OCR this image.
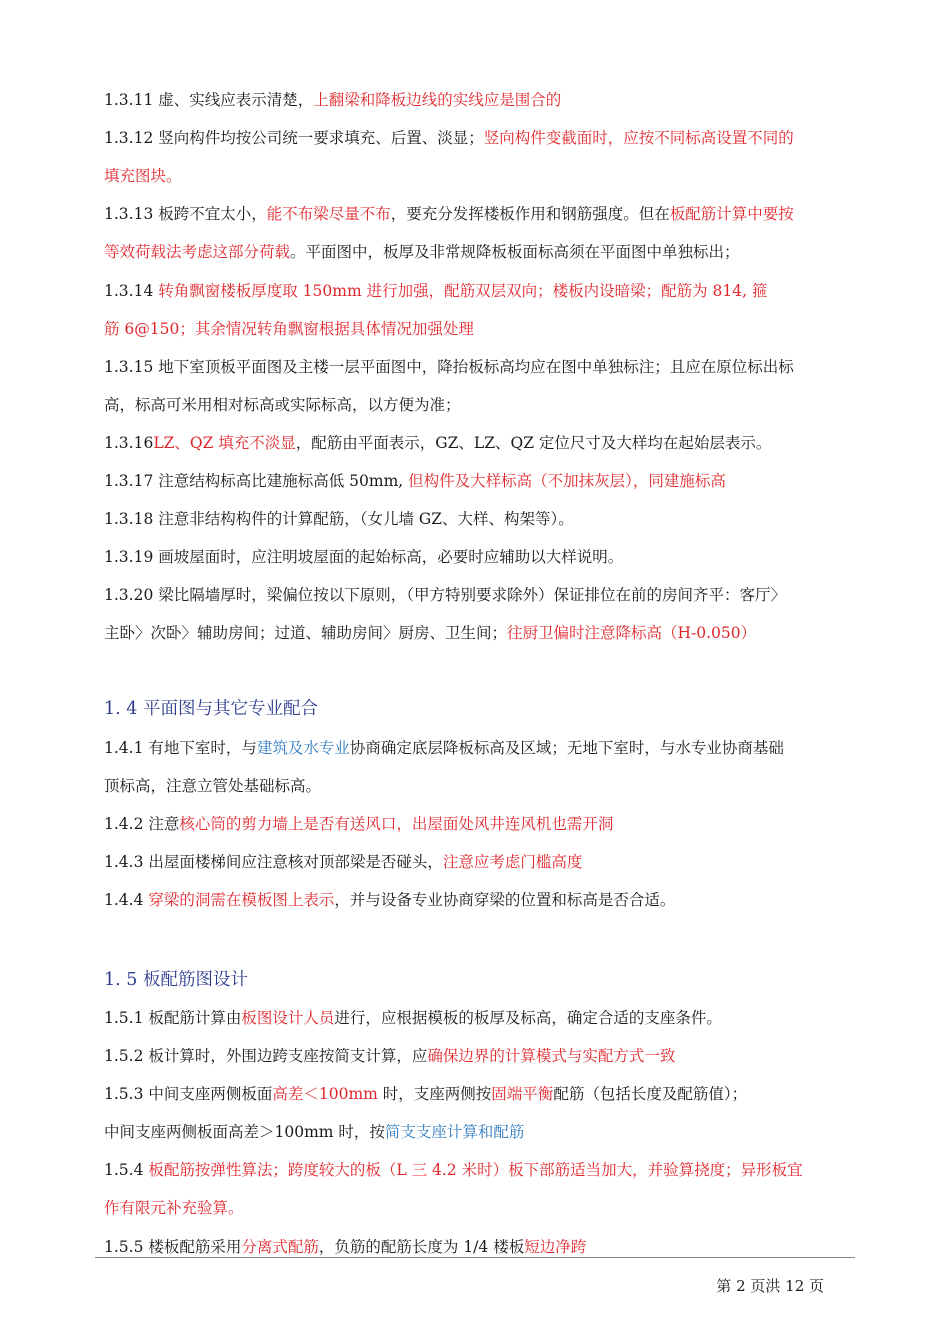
1.3.11 虚、实线应表示清楚，上翻梁和降板边线的实线应是围合的
1.3.12 竖向构件均按公司统一要求填充、后置、淡显；竖向构件变截面时，应按不同标高设置不同的
填充图块。
1.3.13 板跨不宜太小，能不布梁尽量不布，要充分发挥楼板作用和钢筋强度。但在板配筋计算中要按
等效荷载法考虑这部分荷载。平面图中，板厚及非常规降板板面标高须在平面图中单独标出；
1.3.14 转角飘窗楼板厚度取 150mm 进行加强，配筋双层双向；楼板内设暗梁；配筋为 814, 箍
筋 6@150；其余情况转角飘窗根据具体情况加强处理
1.3.15 地下室顶板平面图及主楼一层平面图中，降抬板标高均应在图中单独标注；且应在原位标出标
高，标高可米用相对标高或实际标高，以方便为准；
1.3.16LZ、QZ 填充不淡显，配筋由平面表示，GZ、LZ、QZ 定位尺寸及大样均在起始层表示。
1.3.17 注意结构标高比建施标高低 50mm, 但构件及大样标高（不加抹灰层），同建施标高
1.3.18 注意非结构构件的计算配筋，（女儿墙 GZ、大样、构架等）。
1.3.19 画坡屋面时，应注明坡屋面的起始标高，必要时应辅助以大样说明。
1.3.20 梁比隔墙厚时，梁偏位按以下原则，（甲方特别要求除外）保证排位在前的房间齐平：客厅〉
主卧〉次卧〉辅助房间；过道、辅助房间〉厨房、卫生间；往厨卫偏时注意降标高（H-0.050）
1.4.1 有地下室时，与建筑及水专业协商确定底层降板标高及区域；无地下室时，与水专业协商基础
顶标高，注意立管处基础标高。
1.4.2 注意核心筒的剪力墙上是否有送风口，出屋面处风井连风机也需开洞
1.4.3 出屋面楼梯间应注意核对顶部梁是否碰头，注意应考虑门槛高度
1.4.4 穿梁的洞需在模板图上表示，并与设备专业协商穿梁的位置和标高是否合适。
1.5.1 板配筋计算由板图设计人员进行，应根据模板的板厚及标高，确定合适的支座条件。
1.5.2 板计算时，外围边跨支座按简支计算，应确保边界的计算模式与实配方式一致
1.5.3 中间支座两侧板面高差＜100mm 时，支座两侧按固端平衡配筋（包括长度及配筋值）；
中间支座两侧板面高差＞100mm 时，按简支支座计算和配筋
1.5.4 板配筋按弹性算法；跨度较大的板（L 三 4.2 米时）板下部筋适当加大，并验算挠度；异形板宜
作有限元补充验算。
1.5.5 楼板配筋采用分离式配筋，负筋的配筋长度为 1/4 楼板短边净跨
1. 4 平面图与其它专业配合
1. 5 板配筋图设计
第 2 页洪 12 页
